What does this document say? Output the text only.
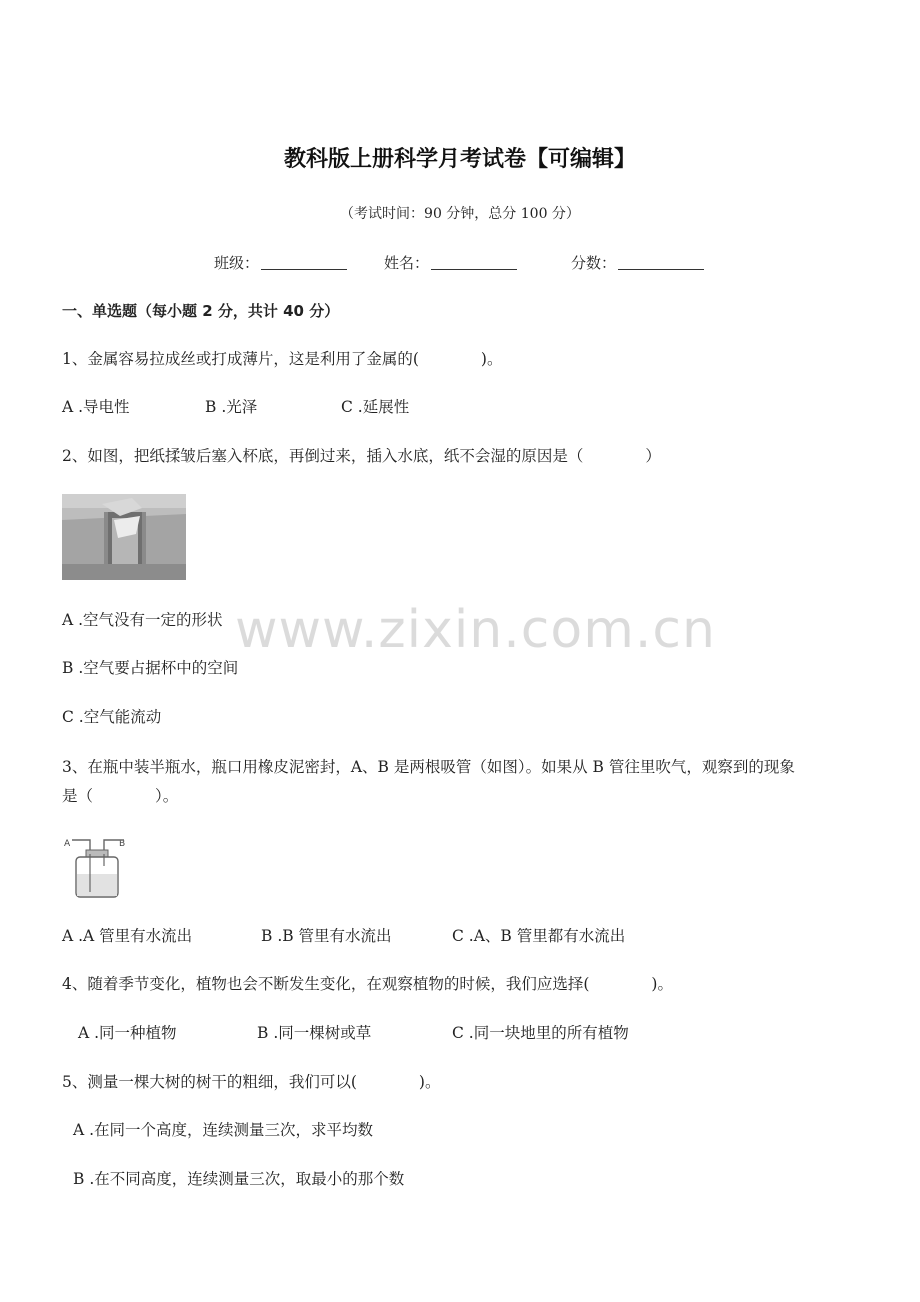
教科版上册科学月考试卷【可编辑】
（考试时间：90 分钟，总分 100 分）
班级：	姓名：	分数：
一、单选题（每小题 2 分，共计 40 分）
1、金属容易拉成丝或打成薄片，这是利用了金属的(　　　　)。
A .导电性	B .光泽	C .延展性
2、如图，把纸揉皱后塞入杯底，再倒过来，插入水底，纸不会湿的原因是（　　　　）
A .空气没有一定的形状
B .空气要占据杯中的空间
C .空气能流动
3、在瓶中装半瓶水，瓶口用橡皮泥密封，A、B 是两根吸管（如图）。如果从 B 管往里吹气，观察到的现象
是（　　　　）。
A	B
A .A 管里有水流出	B .B 管里有水流出	C .A、B 管里都有水流出
4、随着季节变化，植物也会不断发生变化，在观察植物的时候，我们应选择(　　　　)。
A .同一种植物	B .同一棵树或草	C .同一块地里的所有植物
5、测量一棵大树的树干的粗细，我们可以(　　　　)。
A .在同一个高度，连续测量三次，求平均数
B .在不同高度，连续测量三次，取最小的那个数
www.zixin.com.cn
